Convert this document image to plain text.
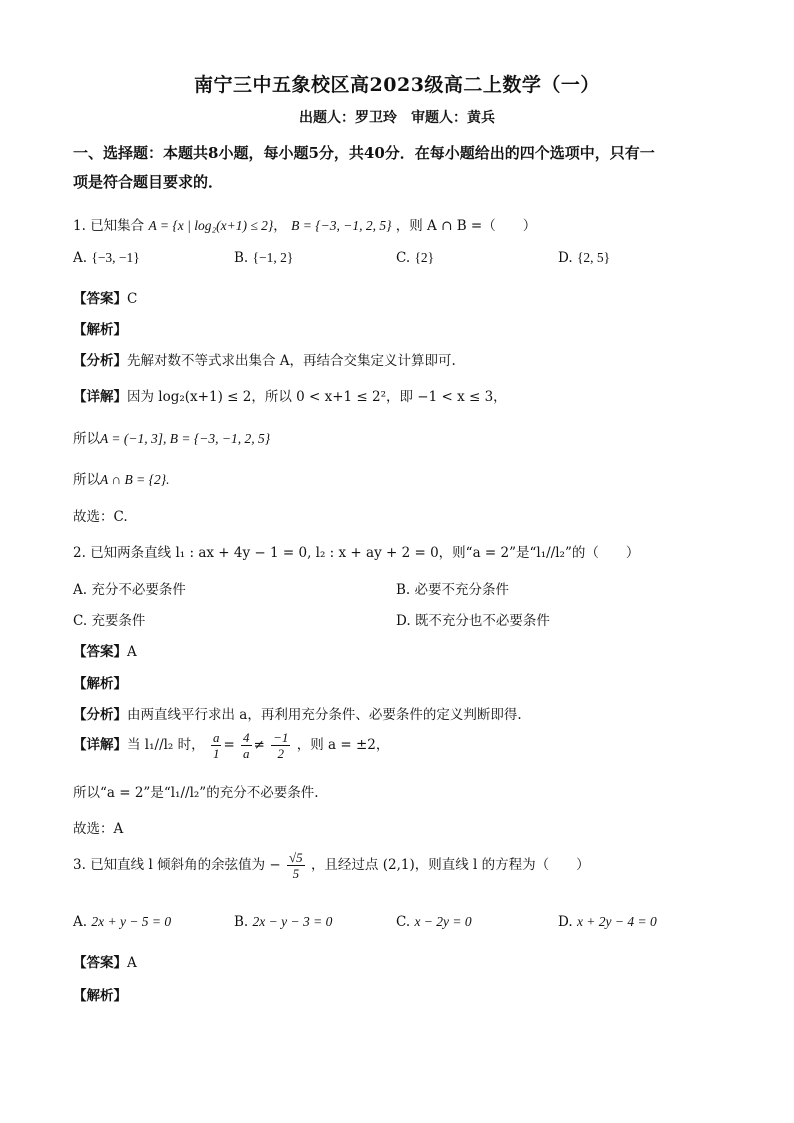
南宁三中五象校区高2023级高二上数学（一）
出题人：罗卫玲　审题人：黄兵
一、选择题：本题共8小题，每小题5分，共40分．在每小题给出的四个选项中，只有一
项是符合题目要求的．
1. 已知集合 A = {x | log₂(x+1) ≤ 2}， B = {−3, −1, 2, 5} ，则 A ∩ B =（　　）
A. {−3, −1}	B. {−1, 2}	C. {2}	D. {2, 5}
【答案】C
【解析】
【分析】先解对数不等式求出集合 A，再结合交集定义计算即可.
【详解】因为 log₂(x+1) ≤ 2，所以 0 < x+1 ≤ 2²，即 −1 < x ≤ 3，
所以A = (−1, 3], B = {−3, −1, 2, 5}
所以A ∩ B = {2}.
故选：C.
2. 已知两条直线 l₁ : ax + 4y − 1 = 0, l₂ : x + ay + 2 = 0，则“a = 2”是“l₁//l₂”的（　　）
A. 充分不必要条件	B. 必要不充分条件
C. 充要条件	D. 既不充分也不必要条件
【答案】A
【解析】
【分析】由两直线平行求出 a，再利用充分条件、必要条件的定义判断即得.
【详解】当 l₁//l₂ 时， $\frac{a}{1} = \frac{4}{a} \ne \frac{-1}{2}$ ，则 a = ±2，
所以“a = 2”是“l₁//l₂”的充分不必要条件.
故选：A
3. 已知直线 l 倾斜角的余弦值为 − $\frac{√5}{5}$ ，且经过点 (2,1)，则直线 l 的方程为（　　）
A. 2x + y − 5 = 0	B. 2x − y − 3 = 0	C. x − 2y = 0	D. x + 2y − 4 = 0
【答案】A
【解析】
